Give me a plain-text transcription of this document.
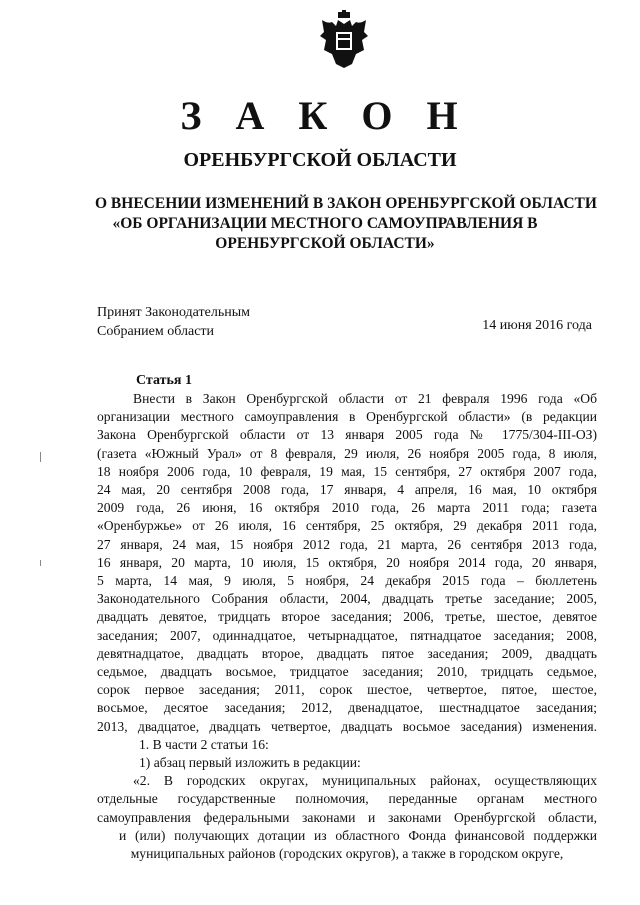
З А К О Н
ОРЕНБУРГСКОЙ ОБЛАСТИ
О ВНЕСЕНИИ ИЗМЕНЕНИЙ В ЗАКОН ОРЕНБУРГСКОЙ ОБЛАСТИ
«ОБ ОРГАНИЗАЦИИ МЕСТНОГО САМОУПРАВЛЕНИЯ В
ОРЕНБУРГСКОЙ ОБЛАСТИ»
Принят Законодательным
Собранием области	14 июня 2016 года
Статья 1
Внести в Закон Оренбургской области от 21 февраля 1996 года «Об
организации местного самоуправления в Оренбургской области» (в редакции
Закона Оренбургской области от 13 января 2005 года № 1775/304-III-ОЗ)
(газета «Южный Урал» от 8 февраля, 29 июля, 26 ноября 2005 года, 8 июля,
18 ноября 2006 года, 10 февраля, 19 мая, 15 сентября, 27 октября 2007 года,
24 мая, 20 сентября 2008 года, 17 января, 4 апреля, 16 мая, 10 октября
2009 года, 26 июня, 16 октября 2010 года, 26 марта 2011 года; газета
«Оренбуржье» от 26 июля, 16 сентября, 25 октября, 29 декабря 2011 года,
27 января, 24 мая, 15 ноября 2012 года, 21 марта, 26 сентября 2013 года,
16 января, 20 марта, 10 июля, 15 октября, 20 ноября 2014 года, 20 января,
5 марта, 14 мая, 9 июля, 5 ноября, 24 декабря 2015 года – бюллетень
Законодательного Собрания области, 2004, двадцать третье заседание; 2005,
двадцать девятое, тридцать второе заседания; 2006, третье, шестое, девятое
заседания; 2007, одиннадцатое, четырнадцатое, пятнадцатое заседания; 2008,
девятнадцатое, двадцать второе, двадцать пятое заседания; 2009, двадцать
седьмое, двадцать восьмое, тридцатое заседания; 2010, тридцать седьмое,
сорок первое заседания; 2011, сорок шестое, четвертое, пятое, шестое,
восьмое, десятое заседания; 2012, двенадцатое, шестнадцатое заседания;
2013, двадцатое, двадцать четвертое, двадцать восьмое заседания) изменения.
1. В части 2 статьи 16:
1) абзац первый изложить в редакции:
«2. В городских округах, муниципальных районах, осуществляющих
отдельные государственные полномочия, переданные органам местного
самоуправления федеральными законами и законами Оренбургской области,
и (или) получающих дотации из областного Фонда финансовой поддержки
муниципальных районов (городских округов), а также в городском округе,
